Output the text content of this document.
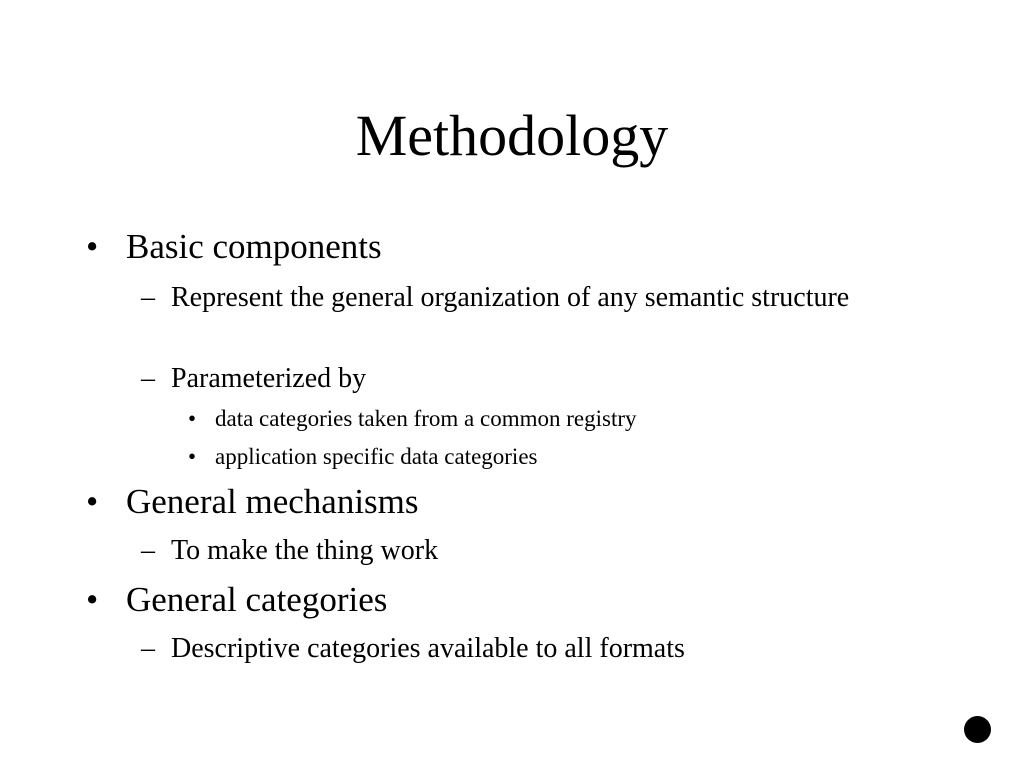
Methodology
• Basic components
– Represent the general organization of any semantic structure
– Parameterized by
• data categories taken from a common registry
• application specific data categories
• General mechanisms
– To make the thing work
• General categories
– Descriptive categories available to all formats
